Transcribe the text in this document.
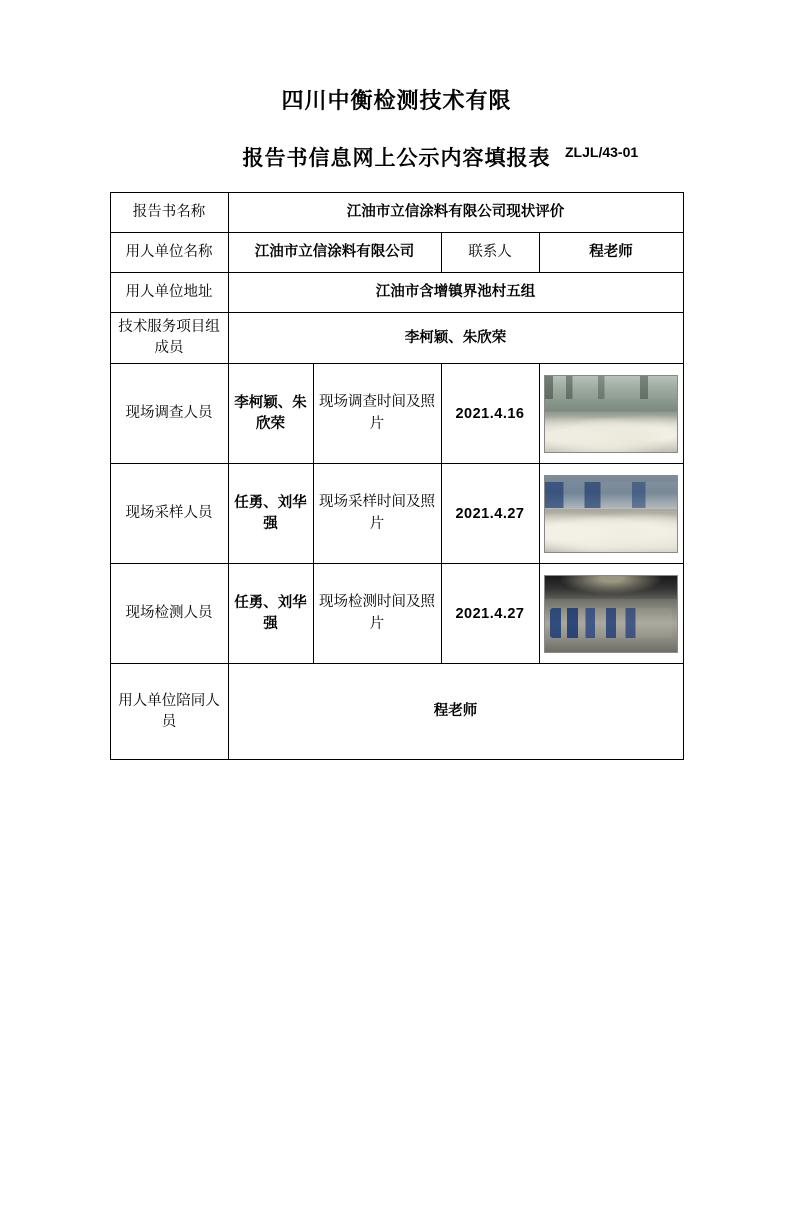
四川中衡检测技术有限
报告书信息网上公示内容填报表 ZLJL/43-01
报告书名称	江油市立信涂料有限公司现状评价			
用人单位名称	江油市立信涂料有限公司		联系人	程老师
用人单位地址	江油市含增镇界池村五组			
技术服务项目组成员	李柯颖、朱欣荣			
现场调查人员	李柯颖、朱欣荣	现场调查时间及照片	2021.4.16	

现场采样人员	任勇、刘华强	现场采样时间及照片	2021.4.27	

现场检测人员	任勇、刘华强	现场检测时间及照片	2021.4.27	

用人单位陪同人员	程老师			
